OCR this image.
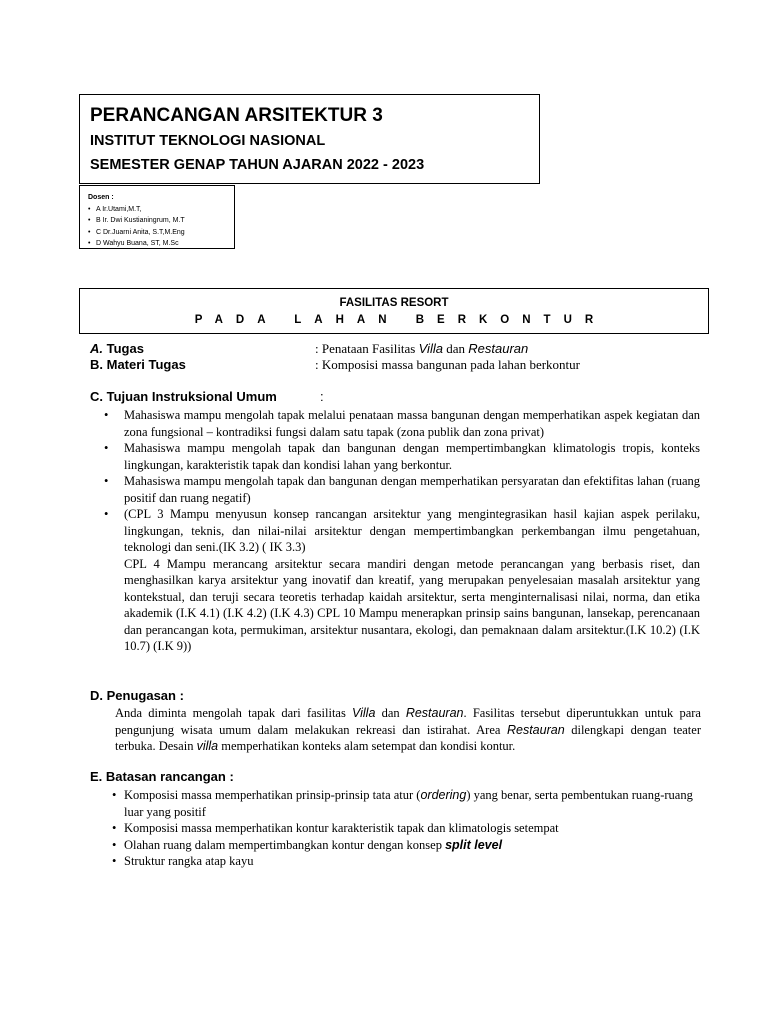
PERANCANGAN ARSITEKTUR 3
INSTITUT TEKNOLOGI NASIONAL
SEMESTER GENAP TAHUN AJARAN 2022 - 2023
Dosen :
• A Ir.Utami,M.T,
• B Ir. Dwi Kustianingrum, M.T
• C Dr.Juarni Anita, S.T,M.Eng
• D Wahyu Buana, ST, M.Sc
FASILITAS RESORT
PADA LAHAN BERKONTUR
A. Tugas	: Penataan Fasilitas Villa dan Restauran
B. Materi Tugas	: Komposisi massa bangunan pada lahan berkontur
C. Tujuan Instruksional Umum	:
• Mahasiswa mampu mengolah tapak melalui penataan massa bangunan dengan memperhatikan aspek kegiatan dan zona fungsional – kontradiksi fungsi dalam satu tapak (zona publik dan zona privat)
• Mahasiswa mampu mengolah tapak dan bangunan dengan mempertimbangkan klimatologis tropis, konteks lingkungan, karakteristik tapak dan kondisi lahan yang berkontur.
• Mahasiswa mampu mengolah tapak dan bangunan dengan memperhatikan persyaratan dan efektifitas lahan (ruang positif dan ruang negatif)
• (CPL 3 Mampu menyusun konsep rancangan arsitektur yang mengintegrasikan hasil kajian aspek perilaku, lingkungan, teknis, dan nilai-nilai arsitektur dengan mempertimbangkan perkembangan ilmu pengetahuan, teknologi dan seni.(IK 3.2) ( IK 3.3)
CPL 4 Mampu merancang arsitektur secara mandiri dengan metode perancangan yang berbasis riset, dan menghasilkan karya arsitektur yang inovatif dan kreatif, yang merupakan penyelesaian masalah arsitektur yang kontekstual, dan teruji secara teoretis terhadap kaidah arsitektur, serta menginternalisasi nilai, norma, dan etika akademik (I.K 4.1) (I.K 4.2) (I.K 4.3) CPL 10 Mampu menerapkan prinsip sains bangunan, lansekap, perencanaan dan perancangan kota, permukiman, arsitektur nusantara, ekologi, dan pemaknaan dalam arsitektur.(I.K 10.2) (I.K 10.7) (I.K 9))
D. Penugasan :
Anda diminta mengolah tapak dari fasilitas Villa dan Restauran. Fasilitas tersebut diperuntukkan untuk para pengunjung wisata umum dalam melakukan rekreasi dan istirahat. Area Restauran dilengkapi dengan teater terbuka. Desain villa memperhatikan konteks alam setempat dan kondisi kontur.
E. Batasan rancangan :
• Komposisi massa memperhatikan prinsip-prinsip tata atur (ordering) yang benar, serta pembentukan ruang-ruang luar yang positif
• Komposisi massa memperhatikan kontur karakteristik tapak dan klimatologis setempat
• Olahan ruang dalam mempertimbangkan kontur dengan konsep split level
• Struktur rangka atap kayu
